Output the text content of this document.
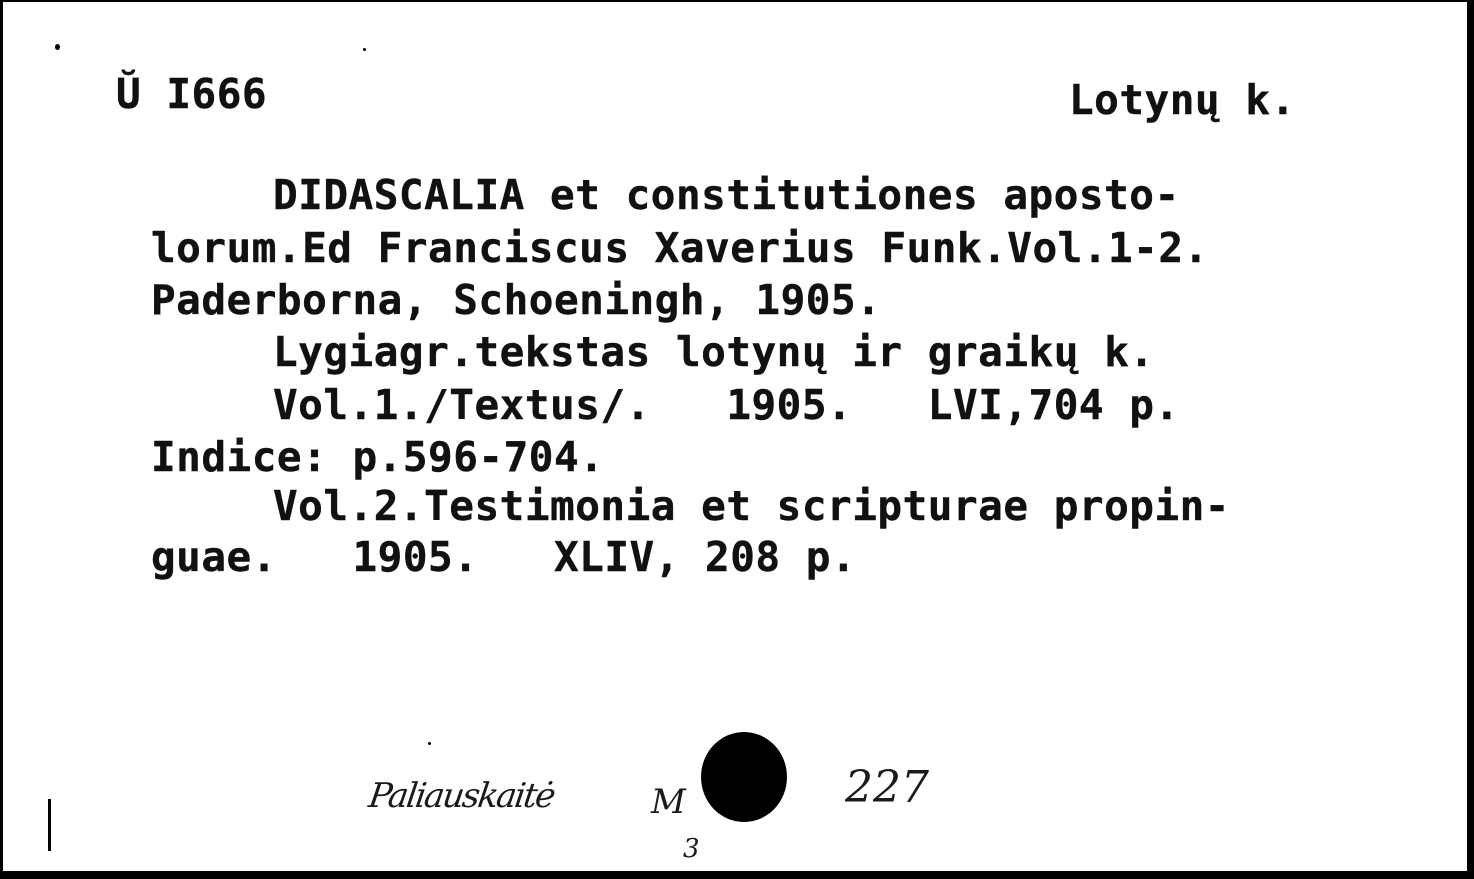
Ŭ I666	Lotynų k.
DIDASCALIA et constitutiones aposto-
lorum.Ed Franciscus Xaverius Funk.Vol.1-2.
Paderborna, Schoeningh, 1905.
Lygiagr.tekstas lotynų ir graikų k.
Vol.1./Textus/.   1905.   LVI,704 p.
Indice: p.596-704.
Vol.2.Testimonia et scripturae propin-
guae.   1905.   XLIV, 208 p.
Paliauskaitė	M
3
227
